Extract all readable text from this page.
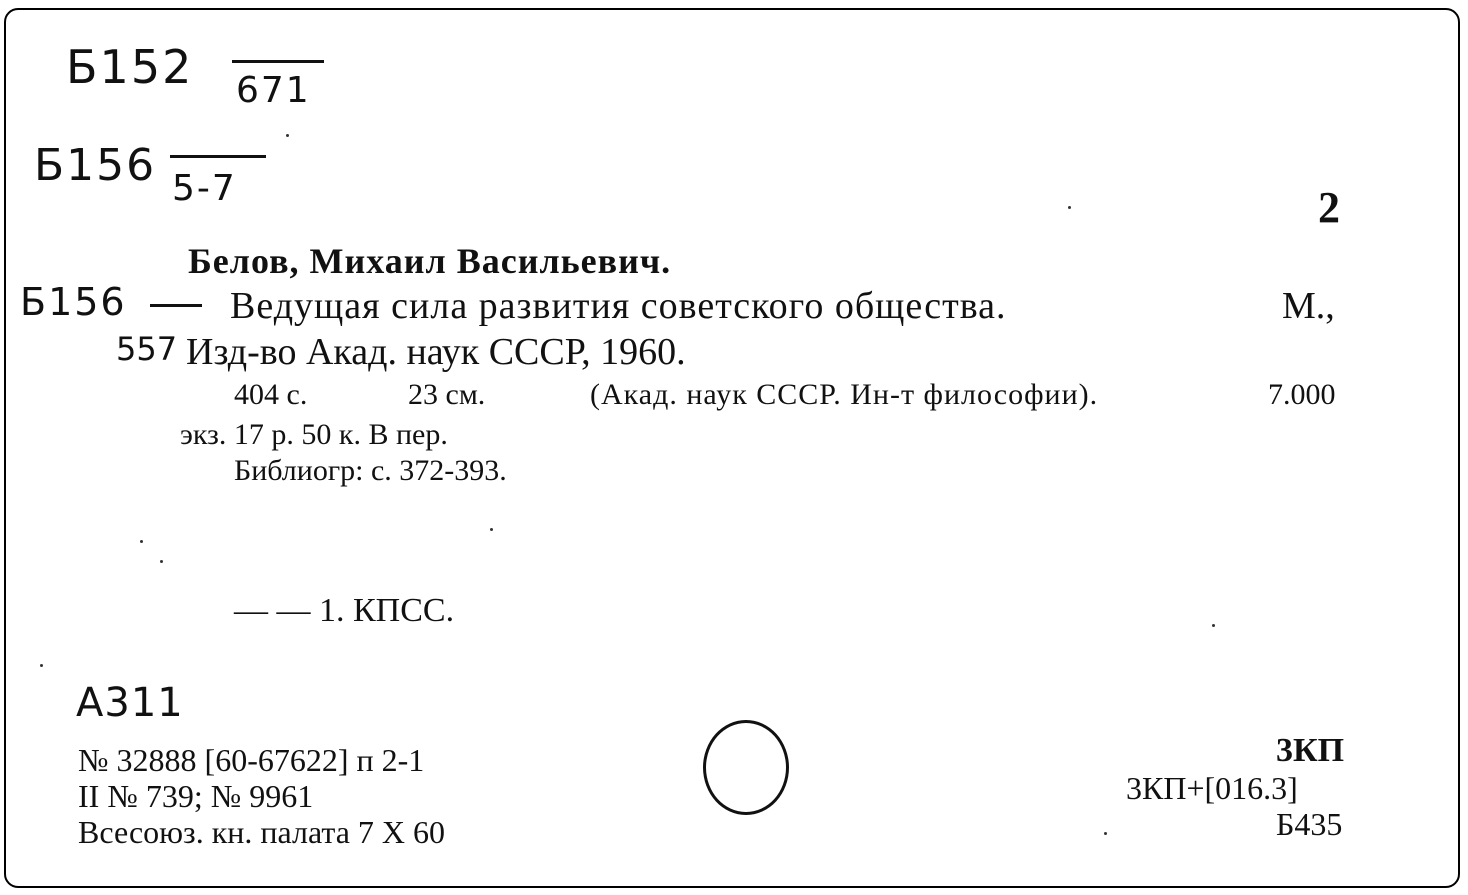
Б152 671
Б156 5-7	2
Белов, Михаил Васильевич.
Б156	Ведущая сила развития советского общества.	М.,
557 Изд-во Акад. наук СССР, 1960.
404 с.	23 см.	(Акад. наук СССР. Ин-т философии).	7.000
экз. 17 р. 50 к. В пер.
Библиогр: с. 372-393.
— — 1. КПСС.
А311
№ 32888 [60-67622] п 2-1
II № 739; № 9961
Всесоюз. кн. палата 7 Х 60
3КП
3КП+[016.3]
Б435
